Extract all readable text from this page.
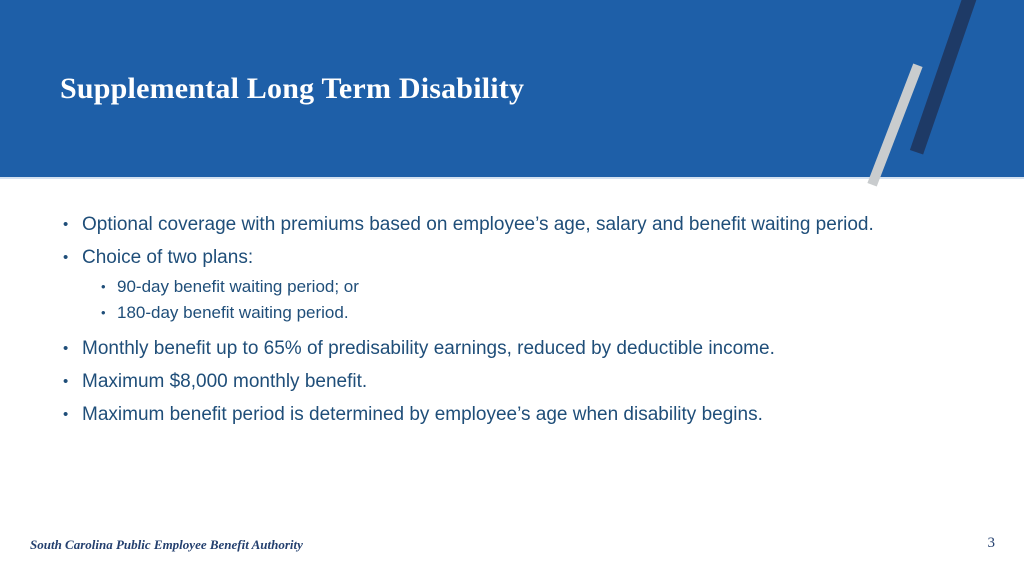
Supplemental Long Term Disability
• Optional coverage with premiums based on employee’s age, salary and benefit waiting period.
• Choice of two plans:
• 90-day benefit waiting period; or
• 180-day benefit waiting period.
• Monthly benefit up to 65% of predisability earnings, reduced by deductible income.
• Maximum $8,000 monthly benefit.
• Maximum benefit period is determined by employee’s age when disability begins.
South Carolina Public Employee Benefit Authority	3
